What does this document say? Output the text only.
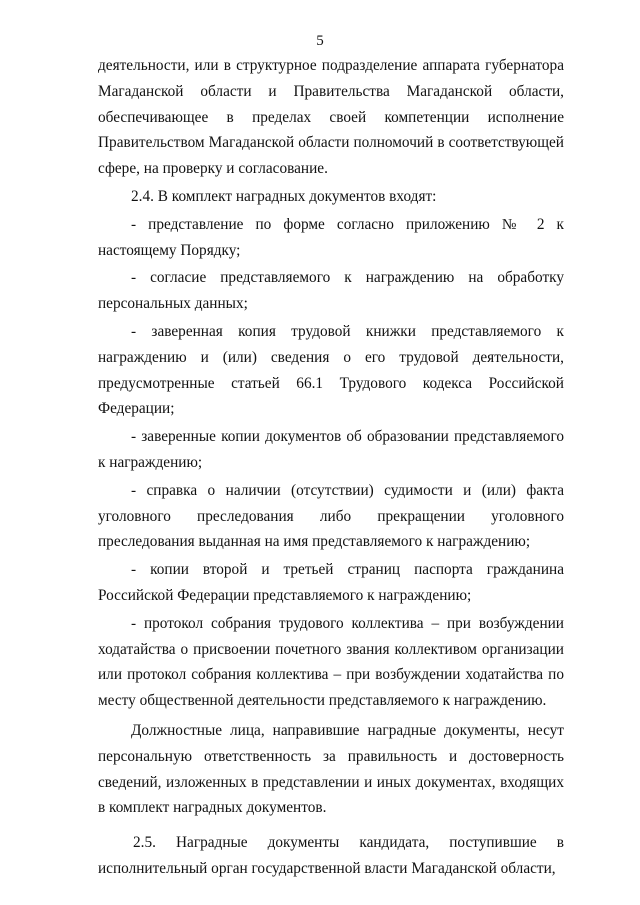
5

деятельности, или в структурное подразделение аппарата губернатора Магаданской области и Правительства Магаданской области, обеспечивающее в пределах своей компетенции исполнение Правительством Магаданской области полномочий в соответствующей сфере, на проверку и согласование.

2.4. В комплект наградных документов входят:

- представление по форме согласно приложению № 2 к настоящему Порядку;

- согласие представляемого к награждению на обработку персональных данных;

- заверенная копия трудовой книжки представляемого к награждению и (или) сведения о его трудовой деятельности, предусмотренные статьей 66.1 Трудового кодекса Российской Федерации;

- заверенные копии документов об образовании представляемого к награждению;

- справка о наличии (отсутствии) судимости и (или) факта уголовного преследования либо прекращении уголовного преследования выданная на имя представляемого к награждению;

- копии второй и третьей страниц паспорта гражданина Российской Федерации представляемого к награждению;

- протокол собрания трудового коллектива – при возбуждении ходатайства о присвоении почетного звания коллективом организации или протокол собрания коллектива – при возбуждении ходатайства по месту общественной деятельности представляемого к награждению.

Должностные лица, направившие наградные документы, несут персональную ответственность за правильность и достоверность сведений, изложенных в представлении и иных документах, входящих в комплект наградных документов.

2.5. Наградные документы кандидата, поступившие в исполнительный орган государственной власти Магаданской области,
